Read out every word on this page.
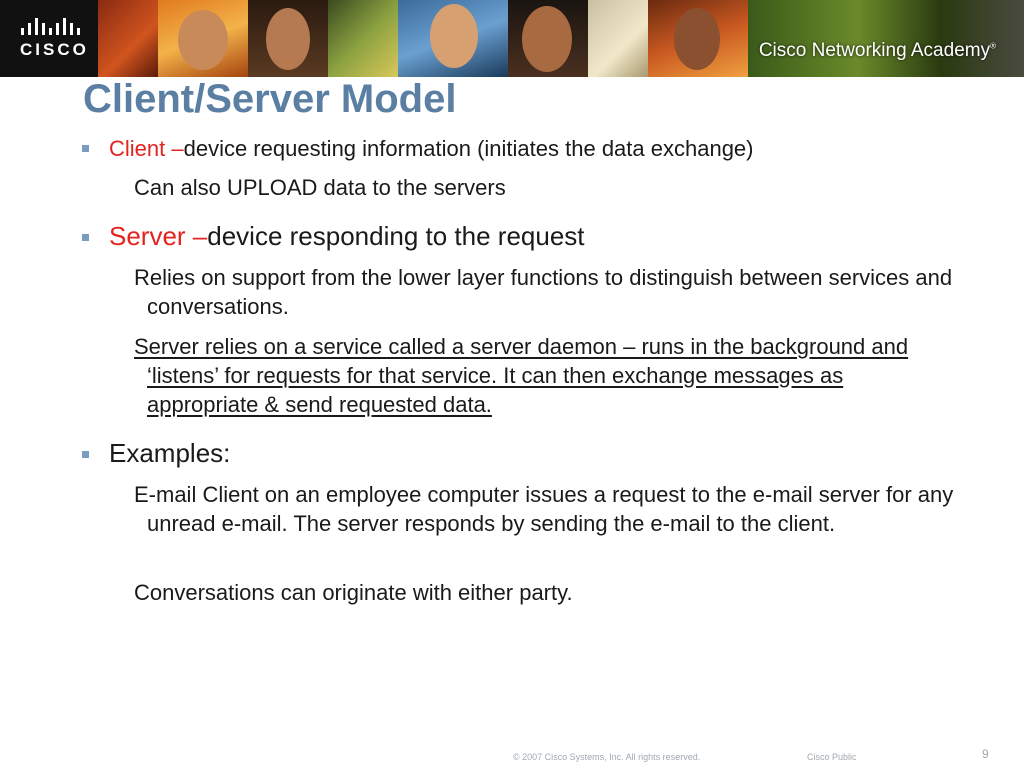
CISCO	Cisco Networking Academy®
Client/Server Model
Client – device requesting information (initiates the data exchange)
Can also UPLOAD data to the servers
Server – device responding to the request
Relies on support from the lower layer functions to distinguish between services and conversations.
Server relies on a service called a server daemon – runs in the background and ‘listens’ for requests for that service. It can then exchange messages as appropriate & send requested data.
Examples:
E-mail Client on an employee computer issues a request to the e-mail server for any unread e-mail. The server responds by sending the e-mail to the client.
Conversations can originate with either party.
© 2007 Cisco Systems, Inc. All rights reserved.	Cisco Public	9
